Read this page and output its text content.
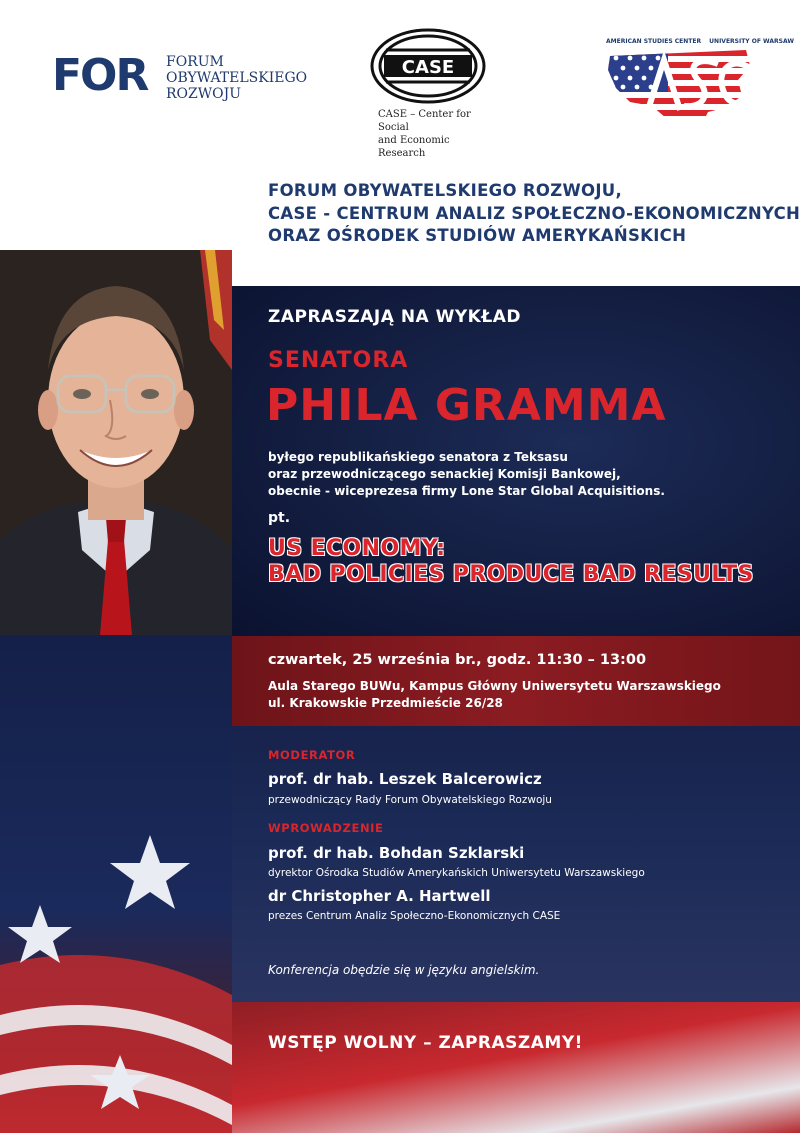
FOR FORUM
OBYWATELSKIEGO
ROZWOJU
CASE
CASE – Center for Social
and Economic Research
AMERICAN STUDIES CENTER UNIVERSITY OF WARSAW
FORUM OBYWATELSKIEGO ROZWOJU,
CASE - CENTRUM ANALIZ SPOŁECZNO-EKONOMICZNYCH
ORAZ OŚRODEK STUDIÓW AMERYKAŃSKICH
ZAPRASZAJĄ NA WYKŁAD
SENATORA
PHILA GRAMMA
byłego republikańskiego senatora z Teksasu
oraz przewodniczącego senackiej Komisji Bankowej,
obecnie - wiceprezesa firmy Lone Star Global Acquisitions.
pt.
US ECONOMY:
BAD POLICIES PRODUCE BAD RESULTS
czwartek, 25 września br., godz. 11:30 – 13:00
Aula Starego BUWu, Kampus Główny Uniwersytetu Warszawskiego
ul. Krakowskie Przedmieście 26/28
MODERATOR
prof. dr hab. Leszek Balcerowicz
przewodniczący Rady Forum Obywatelskiego Rozwoju
WPROWADZENIE
prof. dr hab. Bohdan Szklarski
dyrektor Ośrodka Studiów Amerykańskich Uniwersytetu Warszawskiego
dr Christopher A. Hartwell
prezes Centrum Analiz Społeczno-Ekonomicznych CASE
Konferencja obędzie się w języku angielskim.
WSTĘP WOLNY – ZAPRASZAMY!
